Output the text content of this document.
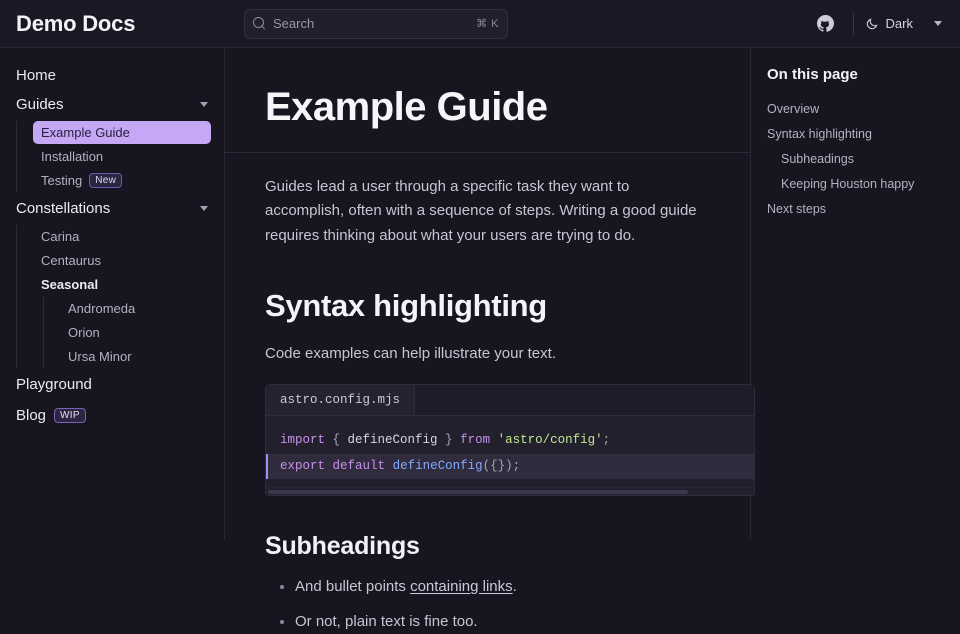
Demo Docs	Search	⌘ K	Dark
Home
Guides
Example Guide
Installation
Testing	New
Constellations
Carina
Centaurus
Seasonal
Andromeda
Orion
Ursa Minor
Playground
Blog	WIP
Example Guide

Guides lead a user through a specific task they want to accomplish, often with a sequence of steps. Writing a good guide requires thinking about what your users are trying to do.

Syntax highlighting

Code examples can help illustrate your text.

astro.config.mjs
import { defineConfig } from 'astro/config';
export default defineConfig({});
Subheadings
• And bullet points containing links.
• Or not, plain text is fine too.
On this page
Overview
Syntax highlighting
Subheadings
Keeping Houston happy
Next steps
